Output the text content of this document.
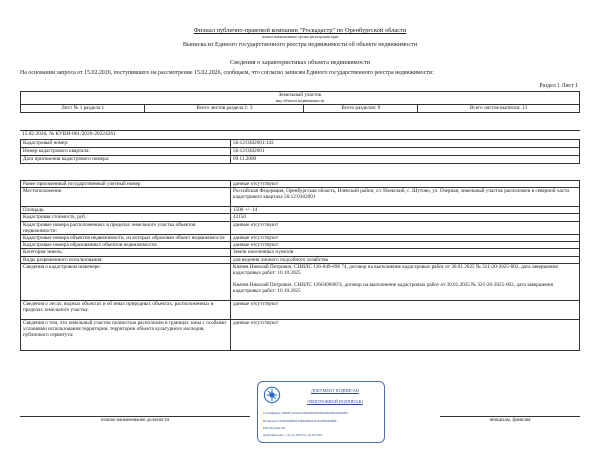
Филиал публично-правовой компании "Роскадастр" по Оренбургской области
полное наименование органа регистрации прав
Выписка из Единого государственного реестра недвижимости об объекте недвижимости
Сведения о характеристиках объекта недвижимости
На основании запроса от 15.02.2026, поступившего на рассмотрение 15.02.2026, сообщаем, что согласно записям Единого государственного реестра недвижимости:
Раздел 1 Лист 1
Земельный участок
вид объекта недвижимости

Лист № 1 раздела 1	Всего листов раздела 1: 3	Всего разделов: 8	Всего листов выписки: 13
15.02.2026, № КУВИ-001/2026-20224261
Кадастровый номер:	56:12:0302001:143
Номер кадастрового квартала:	56:12:0302001
Дата присвоения кадастрового номера:	09.11.2009
Ранее присвоенный государственный учетный номер	данные отсутствуют
Местоположение:	Российская Федерация, Оренбургская область, Илекский район, с/с Илекский, с. Шутово, ул. Озерная, земельный участок расположен в северной части кадастрового квартала 56:12:0302001
Площадь:	1500 +/- 14
Кадастровая стоимость, руб.:	42150
Кадастровые номера расположенных в пределах земельного участка объектов недвижимости:	данные отсутствуют
Кадастровые номера объектов недвижимости, из которых образован объект недвижимости:	данные отсутствуют
Кадастровые номера образованных объектов недвижимости:	данные отсутствуют
Категория земель:	Земли населенных пунктов
Виды разрешенного использования:	для ведения личного подсобного хозяйства
Сведения о кадастровом инженере:	Князев Николай Петрович, СНИЛС 136-049-698 74, договор на выполнение кадастровых работ от 30.01.2025 № 321-20-2025-002, дата завершения кадастровых работ: 10.10.2025
Князев Николай Петрович, СНИЛС 13604969874, договор на выполнение кадастровых работ от 30.01.2025 № 321-20-2025-002, дата завершения кадастровых работ: 10.10.2025

Сведения о лесах, водных объектах и об иных природных объектах, расположенных в пределах земельного участка:	данные отсутствуют
Сведения о том, что земельный участок полностью расположен в границах зоны с особыми условиями использования территории, территории объекта культурного наследия, публичного сервитута:	данные отсутствуют
полное наименование должности	инициалы, фамилия
ДОКУМЕНТ ПОДПИСАН
ЭЛЕКТРОННОЙ ПОДПИСЬЮ
Сертификат: 6D6F7A0A0C000000000000000000000000000
Владелец: ПУБЛИЧНО-ПРАВОВАЯ КОМПАНИЯ
РОСКАДАСТР
Действителен: с 24.12.2025 по 19.03.2027
